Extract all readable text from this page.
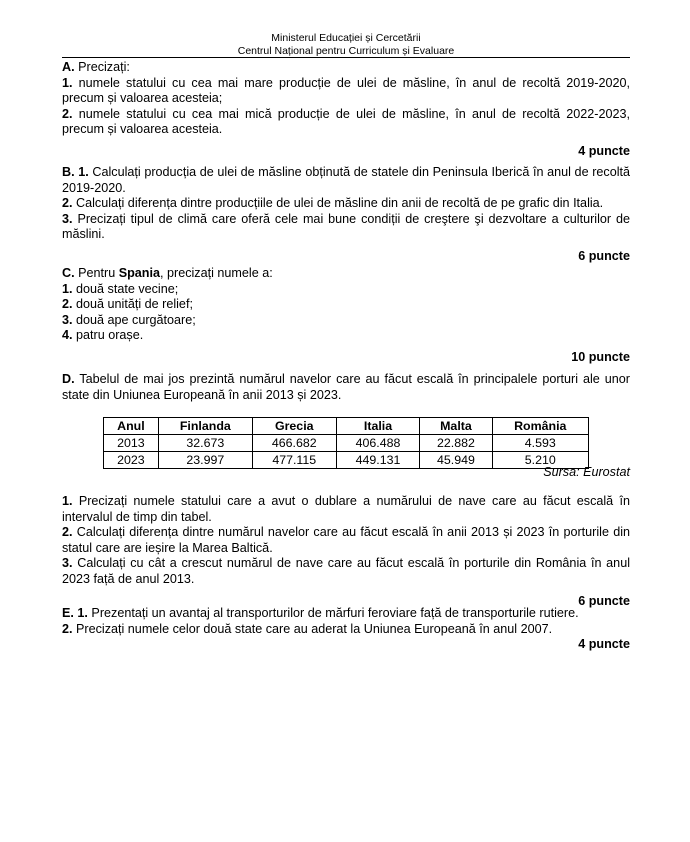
Ministerul Educației și Cercetării
Centrul Național pentru Curriculum și Evaluare

A. Precizați:

1. numele statului cu cea mai mare producție de ulei de măsline, în anul de recoltă 2019-2020, precum și valoarea acesteia;

2. numele statului cu cea mai mică producție de ulei de măsline, în anul de recoltă 2022-2023, precum și valoarea acesteia.

4 puncte

B. 1. Calculați producția de ulei de măsline obținută de statele din Peninsula Iberică în anul de recoltă 2019-2020.

2. Calculați diferența dintre producțiile de ulei de măsline din anii de recoltă de pe grafic din Italia.

3. Precizați tipul de climă care oferă cele mai bune condiții de creştere şi dezvoltare a culturilor de măslini.

6 puncte

C. Pentru Spania, precizați numele a:

1. două state vecine;

2. două unități de relief;

3. două ape curgătoare;

4. patru orașe.

10 puncte

D. Tabelul de mai jos prezintă numărul navelor care au făcut escală în principalele porturi ale unor state din Uniunea Europeană în anii 2013 și 2023.

Anul	Finlanda	Grecia	Italia	Malta	România
2013	32.673	466.682	406.488	22.882	4.593
2023	23.997	477.115	449.131	45.949	5.210
Sursa: Eurostat

1. Precizați numele statului care a avut o dublare a numărului de nave care au făcut escală în intervalul de timp din tabel.

2. Calculați diferența dintre numărul navelor care au făcut escală în anii 2013 și 2023 în porturile din statul care are ieșire la Marea Baltică.

3. Calculați cu cât a crescut numărul de nave care au făcut escală în porturile din România în anul 2023 față de anul 2013.

6 puncte

E. 1. Prezentați un avantaj al transporturilor de mărfuri feroviare față de transporturile rutiere.

2. Precizați numele celor două state care au aderat la Uniunea Europeană în anul 2007.

4 puncte
